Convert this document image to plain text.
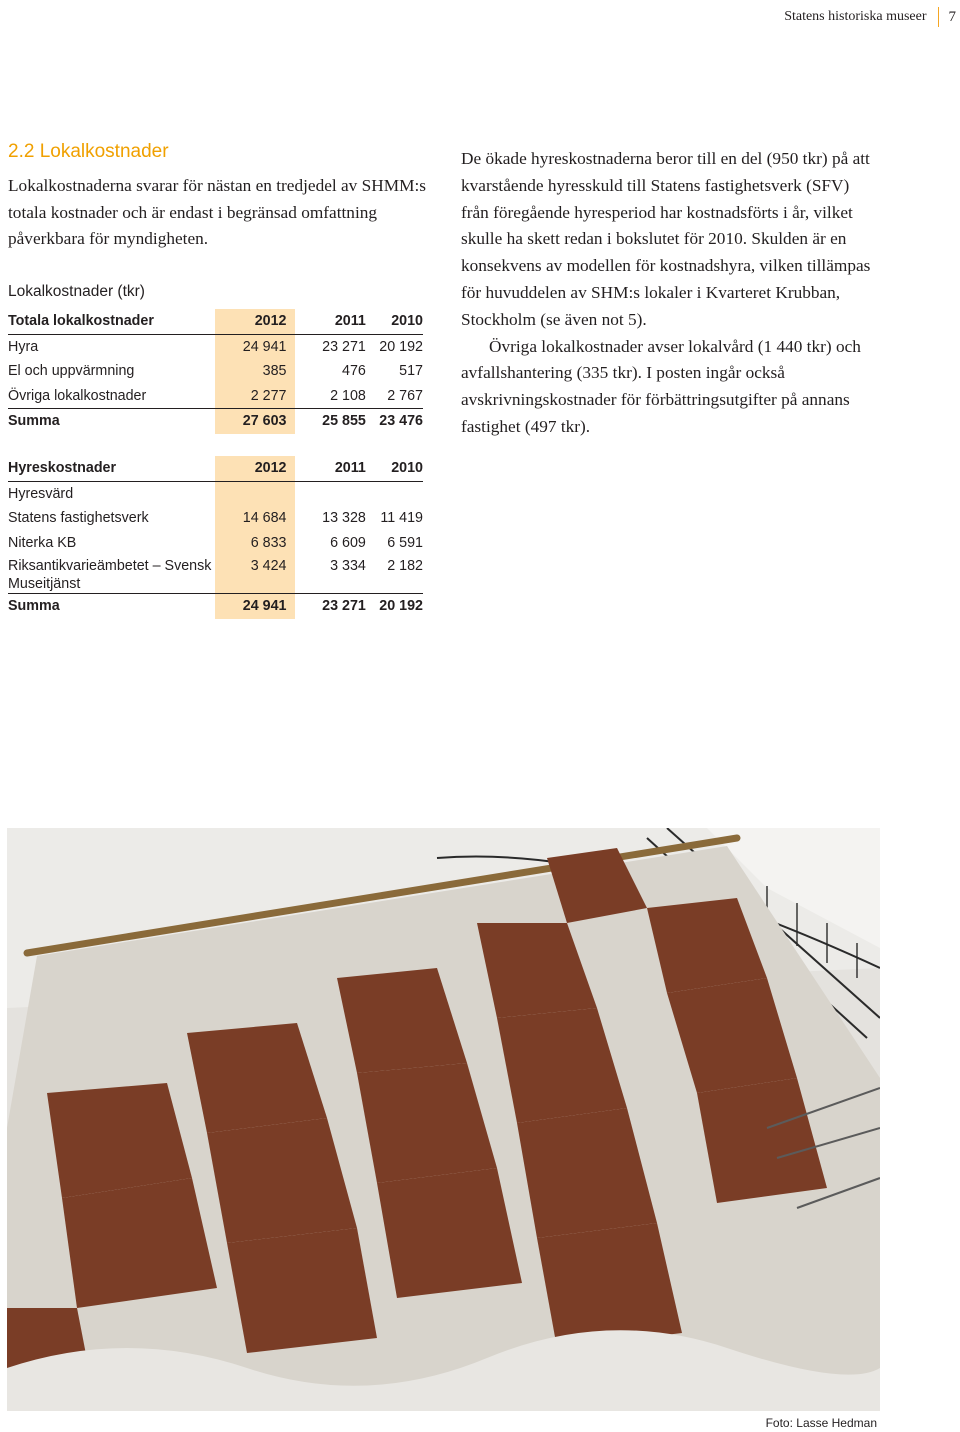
Statens historiska museer	7
2.2 Lokalkostnader

Lokalkostnaderna svarar för nästan en tredjedel av SHMM:s totala kostnader och är endast i begränsad omfattning påverkbara för myndigheten.

Lokalkostnader (tkr)
Totala lokalkostnader	2012	2011	2010
Hyra	24 941	23 271	20 192
El och uppvärmning	385	476	517
Övriga lokalkostnader	2 277	2 108	2 767
Summa	27 603	25 855	23 476
Hyreskostnader	2012	2011	2010
Hyresvärd			
Statens fastighetsverk	14 684	13 328	11 419
Niterka KB	6 833	6 609	6 591
Riksantikvarieämbetet – Svensk Museitjänst	3 424	3 334	2 182
Summa	24 941	23 271	20 192

De ökade hyreskostnaderna beror till en del (950 tkr) på att kvarstående hyresskuld till Statens fastighetsverk (SFV) från föregående hyresperiod har kostnadsförts i år, vilket skulle ha skett redan i bokslutet för 2010. Skulden är en konsekvens av modellen för kostnadshyra, vilken tillämpas för huvuddelen av SHM:s lokaler i Kvarteret Krubban, Stockholm (se även not 5).

Övriga lokalkostnader avser lokalvård (1 440 tkr) och avfallshantering (335 tkr). I posten ingår också avskrivningskostnader för förbättringsutgifter på annans fastighet (497 tkr).

Foto: Lasse Hedman
